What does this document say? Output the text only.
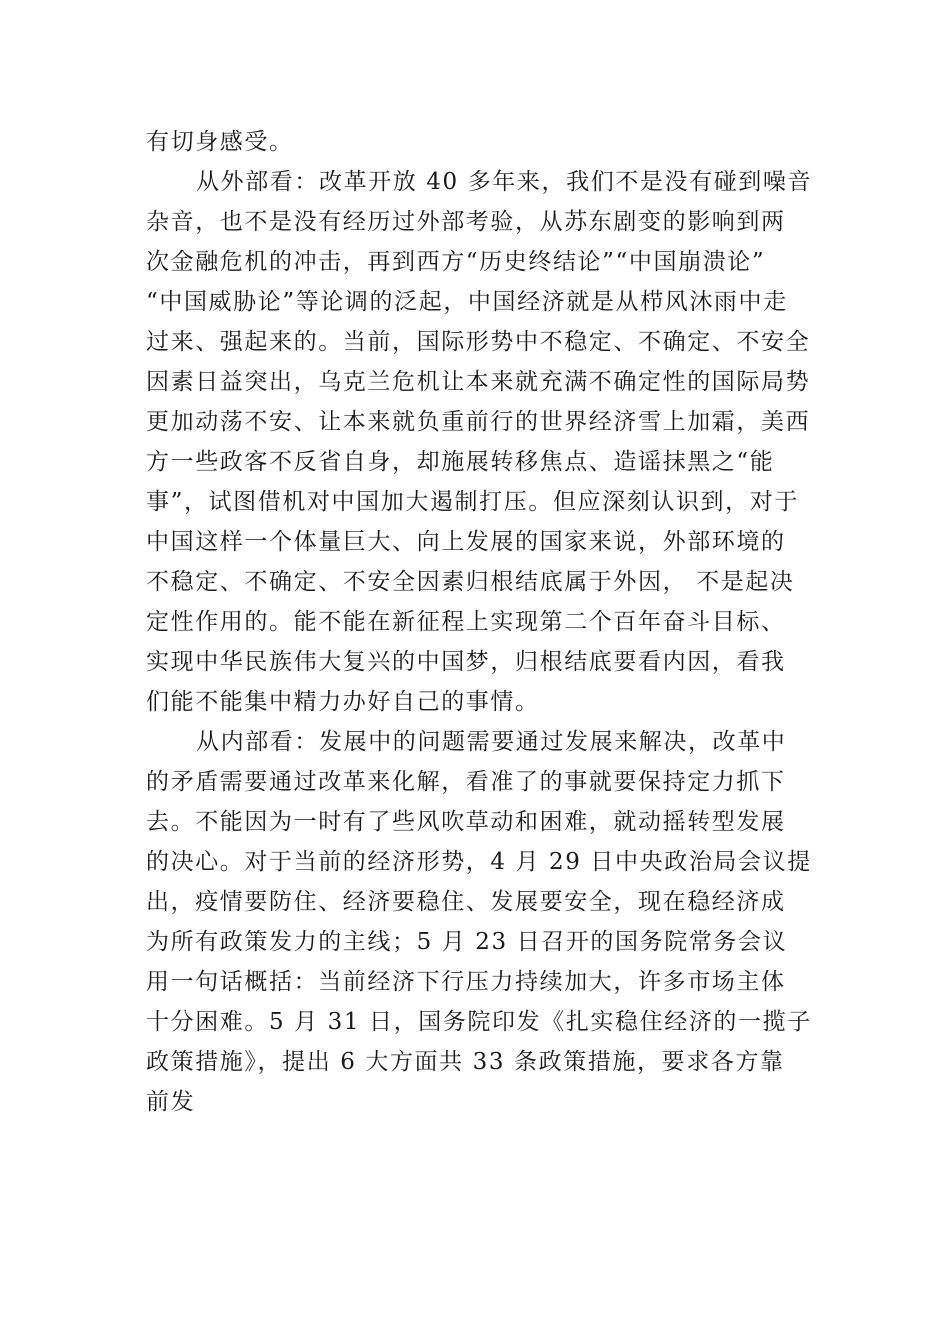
有切身感受。
从外部看：改革开放 40 多年来，我们不是没有碰到噪音
杂音，也不是没有经历过外部考验，从苏东剧变的影响到两
次金融危机的冲击，再到西方“历史终结论”“中国崩溃论”
“中国威胁论”等论调的泛起，中国经济就是从栉风沐雨中走
过来、强起来的。当前，国际形势中不稳定、不确定、不安全
因素日益突出，乌克兰危机让本来就充满不确定性的国际局势
更加动荡不安、让本来就负重前行的世界经济雪上加霜，美西
方一些政客不反省自身，却施展转移焦点、造谣抹黑之“能
事”，试图借机对中国加大遏制打压。但应深刻认识到，对于
中国这样一个体量巨大、向上发展的国家来说，外部环境的
不稳定、不确定、不安全因素归根结底属于外因， 不是起决
定性作用的。能不能在新征程上实现第二个百年奋斗目标、
实现中华民族伟大复兴的中国梦，归根结底要看内因，看我
们能不能集中精力办好自己的事情。
从内部看：发展中的问题需要通过发展来解决，改革中
的矛盾需要通过改革来化解，看准了的事就要保持定力抓下
去。不能因为一时有了些风吹草动和困难，就动摇转型发展
的决心。对于当前的经济形势，4 月 29 日中央政治局会议提
出，疫情要防住、经济要稳住、发展要安全，现在稳经济成
为所有政策发力的主线；5 月 23 日召开的国务院常务会议
用一句话概括：当前经济下行压力持续加大，许多市场主体
十分困难。5 月 31 日，国务院印发《扎实稳住经济的一揽子
政策措施》，提出 6 大方面共 33 条政策措施，要求各方靠
前发
